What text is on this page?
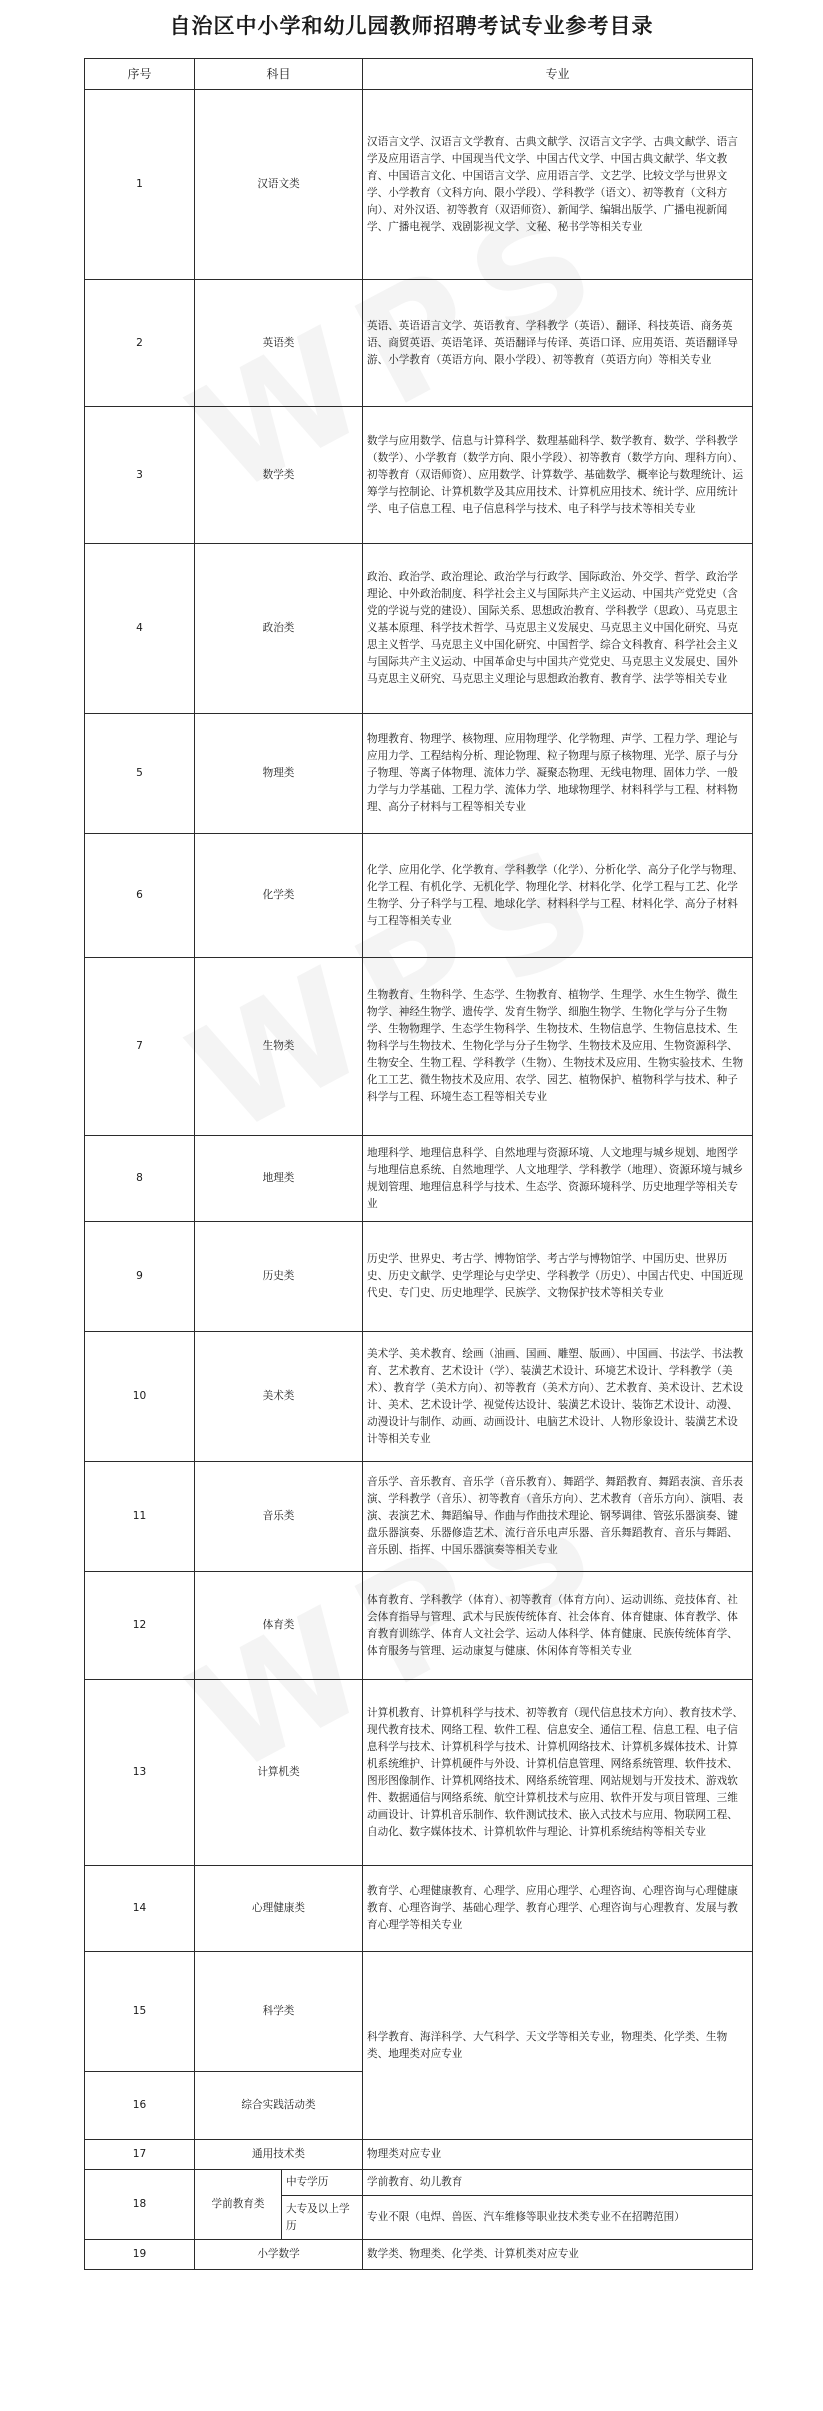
自治区中小学和幼儿园教师招聘考试专业参考目录
序号	科目		专业
1	汉语文类		汉语言文学、汉语言文学教育、古典文献学、汉语言文字学、古典文献学、语言学及应用语言学、中国现当代文学、中国古代文学、中国古典文献学、华文教育、中国语言文化、中国语言文学、应用语言学、文艺学、比较文学与世界文学、小学教育（文科方向、限小学段）、学科教学（语文）、初等教育（文科方向）、对外汉语、初等教育（双语师资）、新闻学、编辑出版学、广播电视新闻学、广播电视学、戏剧影视文学、文秘、秘书学等相关专业
2	英语类		英语、英语语言文学、英语教育、学科教学（英语）、翻译、科技英语、商务英语、商贸英语、英语笔译、英语翻译与传译、英语口译、应用英语、英语翻译导游、小学教育（英语方向、限小学段）、初等教育（英语方向）等相关专业
3	数学类		数学与应用数学、信息与计算科学、数理基础科学、数学教育、数学、学科教学（数学）、小学教育（数学方向、限小学段）、初等教育（数学方向、理科方向）、初等教育（双语师资）、应用数学、计算数学、基础数学、概率论与数理统计、运筹学与控制论、计算机数学及其应用技术、计算机应用技术、统计学、应用统计学、电子信息工程、电子信息科学与技术、电子科学与技术等相关专业
4	政治类		政治、政治学、政治理论、政治学与行政学、国际政治、外交学、哲学、政治学理论、中外政治制度、科学社会主义与国际共产主义运动、中国共产党党史（含党的学说与党的建设）、国际关系、思想政治教育、学科教学（思政）、马克思主义基本原理、科学技术哲学、马克思主义发展史、马克思主义中国化研究、马克思主义哲学、马克思主义中国化研究、中国哲学、综合文科教育、科学社会主义与国际共产主义运动、中国革命史与中国共产党党史、马克思主义发展史、国外马克思主义研究、马克思主义理论与思想政治教育、教育学、法学等相关专业
5	物理类		物理教育、物理学、核物理、应用物理学、化学物理、声学、工程力学、理论与应用力学、工程结构分析、理论物理、粒子物理与原子核物理、光学、原子与分子物理、等离子体物理、流体力学、凝聚态物理、无线电物理、固体力学、一般力学与力学基础、工程力学、流体力学、地球物理学、材料科学与工程、材料物理、高分子材料与工程等相关专业
6	化学类		化学、应用化学、化学教育、学科教学（化学）、分析化学、高分子化学与物理、化学工程、有机化学、无机化学、物理化学、材料化学、化学工程与工艺、化学生物学、分子科学与工程、地球化学、材料科学与工程、材料化学、高分子材料与工程等相关专业
7	生物类		生物教育、生物科学、生态学、生物教育、植物学、生理学、水生生物学、微生物学、神经生物学、遗传学、发育生物学、细胞生物学、生物化学与分子生物学、生物物理学、生态学生物科学、生物技术、生物信息学、生物信息技术、生物科学与生物技术、生物化学与分子生物学、生物技术及应用、生物资源科学、生物安全、生物工程、学科教学（生物）、生物技术及应用、生物实验技术、生物化工工艺、微生物技术及应用、农学、园艺、植物保护、植物科学与技术、种子科学与工程、环境生态工程等相关专业
8	地理类		地理科学、地理信息科学、自然地理与资源环境、人文地理与城乡规划、地图学与地理信息系统、自然地理学、人文地理学、学科教学（地理）、资源环境与城乡规划管理、地理信息科学与技术、生态学、资源环境科学、历史地理学等相关专业
9	历史类		历史学、世界史、考古学、博物馆学、考古学与博物馆学、中国历史、世界历史、历史文献学、史学理论与史学史、学科教学（历史）、中国古代史、中国近现代史、专门史、历史地理学、民族学、文物保护技术等相关专业
10	美术类		美术学、美术教育、绘画（油画、国画、雕塑、版画）、中国画、书法学、书法教育、艺术教育、艺术设计（学）、装潢艺术设计、环境艺术设计、学科教学（美术）、教育学（美术方向）、初等教育（美术方向）、艺术教育、美术设计、艺术设计、美术、艺术设计学、视觉传达设计、装潢艺术设计、装饰艺术设计、动漫、动漫设计与制作、动画、动画设计、电脑艺术设计、人物形象设计、装潢艺术设计等相关专业
11	音乐类		音乐学、音乐教育、音乐学（音乐教育）、舞蹈学、舞蹈教育、舞蹈表演、音乐表演、学科教学（音乐）、初等教育（音乐方向）、艺术教育（音乐方向）、演唱、表演、表演艺术、舞蹈编导、作曲与作曲技术理论、钢琴调律、管弦乐器演奏、键盘乐器演奏、乐器修造艺术、流行音乐电声乐器、音乐舞蹈教育、音乐与舞蹈、音乐剧、指挥、中国乐器演奏等相关专业
12	体育类		体育教育、学科教学（体育）、初等教育（体育方向）、运动训练、竞技体育、社会体育指导与管理、武术与民族传统体育、社会体育、体育健康、体育教学、体育教育训练学、体育人文社会学、运动人体科学、体育健康、民族传统体育学、体育服务与管理、运动康复与健康、休闲体育等相关专业
13	计算机类		计算机教育、计算机科学与技术、初等教育（现代信息技术方向）、教育技术学、现代教育技术、网络工程、软件工程、信息安全、通信工程、信息工程、电子信息科学与技术、计算机科学与技术、计算机网络技术、计算机多媒体技术、计算机系统维护、计算机硬件与外设、计算机信息管理、网络系统管理、软件技术、图形图像制作、计算机网络技术、网络系统管理、网站规划与开发技术、游戏软件、数据通信与网络系统、航空计算机技术与应用、软件开发与项目管理、三维动画设计、计算机音乐制作、软件测试技术、嵌入式技术与应用、物联网工程、自动化、数字媒体技术、计算机软件与理论、计算机系统结构等相关专业
14	心理健康类		教育学、心理健康教育、心理学、应用心理学、心理咨询、心理咨询与心理健康教育、心理咨询学、基础心理学、教育心理学、心理咨询与心理教育、发展与教育心理学等相关专业
15	科学类		科学教育、海洋科学、大气科学、天文学等相关专业，物理类、化学类、生物类、地理类对应专业
16	综合实践活动类		
17	通用技术类		物理类对应专业
18	学前教育类	中专学历	学前教育、幼儿教育
		大专及以上学历	专业不限（电焊、兽医、汽车维修等职业技术类专业不在招聘范围）
19	小学数学		数学类、物理类、化学类、计算机类对应专业
